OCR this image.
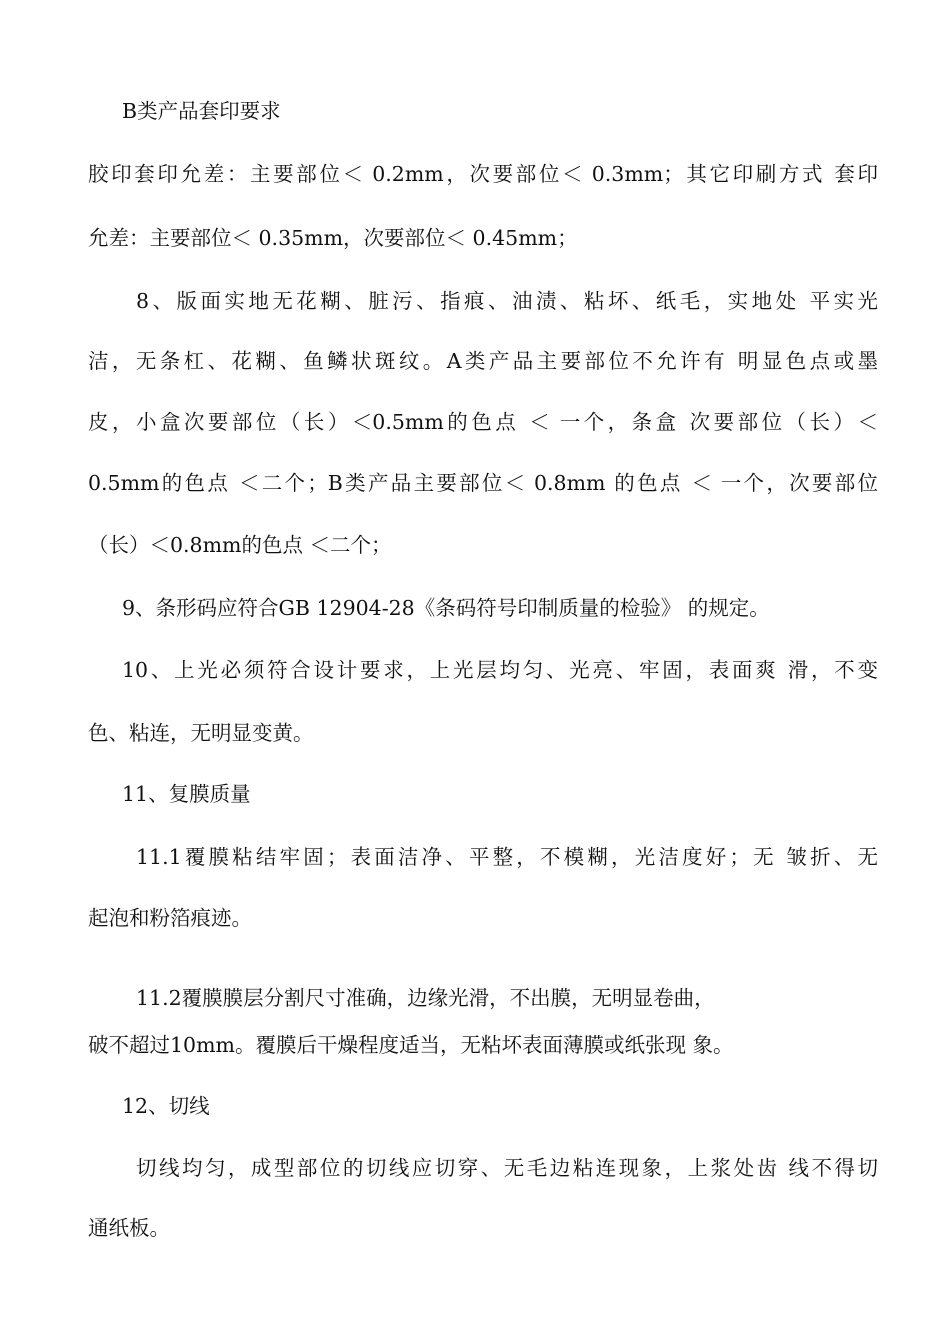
B类产品套印要求
胶印套印允差：主要部位＜ 0.2mm，次要部位＜ 0.3mm；其它印刷方式 套印
允差：主要部位＜ 0.35mm，次要部位＜ 0.45mm；
8、版面实地无花糊、脏污、指痕、油渍、粘坏、纸毛，实地处 平实光
洁，无条杠、花糊、鱼鳞状斑纹。A类产品主要部位不允许有 明显色点或墨
皮，小盒次要部位（长）＜0.5mm的色点 ＜ 一个，条盒 次要部位（长）＜
0.5mm的色点 ＜二个；B类产品主要部位＜ 0.8mm 的色点 ＜ 一个，次要部位
（长）＜0.8mm的色点 ＜二个；
9、条形码应符合GB 12904-28《条码符号印制质量的检验》 的规定。
10、上光必须符合设计要求，上光层均匀、光亮、牢固，表面爽 滑，不变
色、粘连，无明显变黄。
11、复膜质量
11.1覆膜粘结牢固；表面洁净、平整，不模糊，光洁度好；无 皱折、无
起泡和粉箔痕迹。
11.2覆膜膜层分割尺寸准确，边缘光滑，不出膜，无明显卷曲，
破不超过10mm。覆膜后干燥程度适当，无粘坏表面薄膜或纸张现 象。
12、切线
切线均匀，成型部位的切线应切穿、无毛边粘连现象，上浆处齿 线不得切
通纸板。
